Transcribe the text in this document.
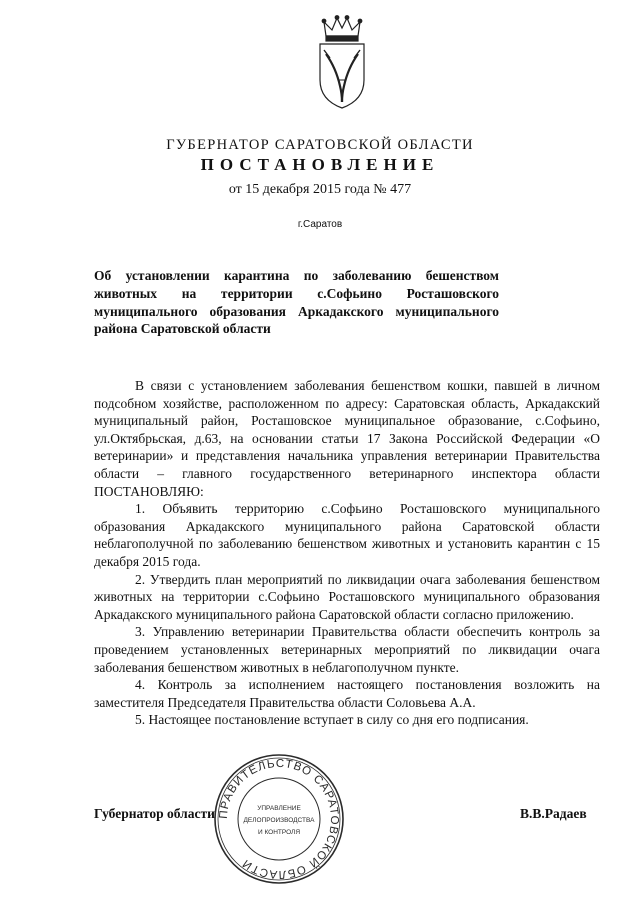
ГУБЕРНАТОР САРАТОВСКОЙ ОБЛАСТИ
ПОСТАНОВЛЕНИЕ
от 15 декабря 2015 года № 477
г.Саратов
Об установлении карантина по заболеванию бешенством
животных на территории с.Софьино Росташовского
муниципального образования Аркадакского муниципального
района Саратовской области

В связи с установлением заболевания бешенством кошки, павшей в личном подсобном хозяйстве, расположенном по адресу: Саратовская область, Аркадакский муниципальный район, Росташовское муниципальное образование, с.Софьино, ул.Октябрьская, д.63, на основании статьи 17 Закона Российской Федерации «О ветеринарии» и представления начальника управления ветеринарии Правительства области – главного государственного ветеринарного инспектора области ПОСТАНОВЛЯЮ:

1. Объявить территорию с.Софьино Росташовского муниципального образования Аркадакского муниципального района Саратовской области неблагополучной по заболеванию бешенством животных и установить карантин с 15 декабря 2015 года.

2. Утвердить план мероприятий по ликвидации очага заболевания бешенством животных на территории с.Софьино Росташовского муниципального образования Аркадакского муниципального района Саратовской области согласно приложению.

3. Управлению ветеринарии Правительства области обеспечить контроль за проведением установленных ветеринарных мероприятий по ликвидации очага заболевания бешенством животных в неблагополучном пункте.

4. Контроль за исполнением настоящего постановления возложить на заместителя Председателя Правительства области Соловьева А.А.

5. Настоящее постановление вступает в силу со дня его подписания.

Губернатор области	В.В.Радаев
ПРАВИТЕЛЬСТВО САРАТОВСКОЙ ОБЛАСТИ
УПРАВЛЕНИЕ
ДЕЛОПРОИЗВОДСТВА
И КОНТРОЛЯ
